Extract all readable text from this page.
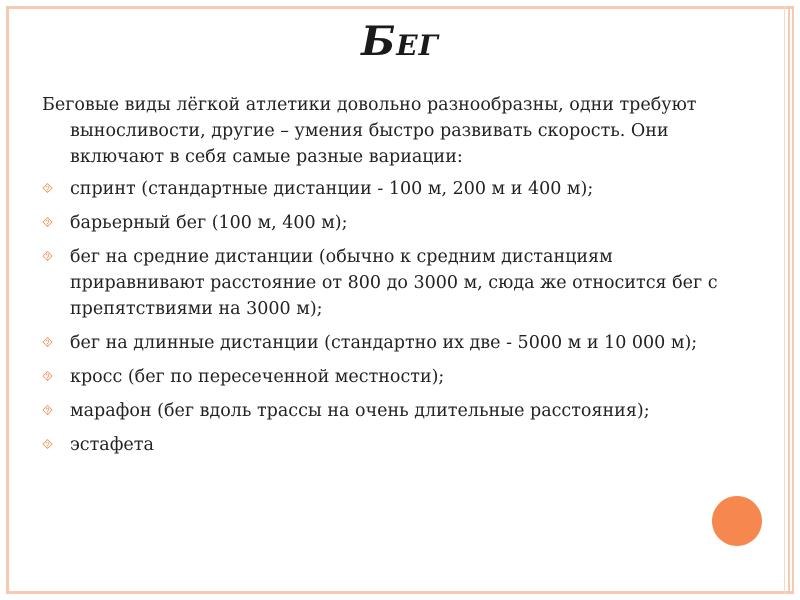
Бег

Беговые виды лёгкой атлетики довольно разнообразны, одни требуют выносливости, другие – умения быстро развивать скорость. Они включают в себя самые разные вариации:

⯑ спринт (стандартные дистанции - 100 м, 200 м и 400 м);
⯑ барьерный бег (100 м, 400 м);
⯑ бег на средние дистанции (обычно к средним дистанциям приравнивают расстояние от 800 до 3000 м, сюда же относится бег с препятствиями на 3000 м);
⯑ бег на длинные дистанции (стандартно их две - 5000 м и 10 000 м);
⯑ кросс (бег по пересеченной местности);
⯑ марафон (бег вдоль трассы на очень длительные расстояния);
⯑ эстафета
